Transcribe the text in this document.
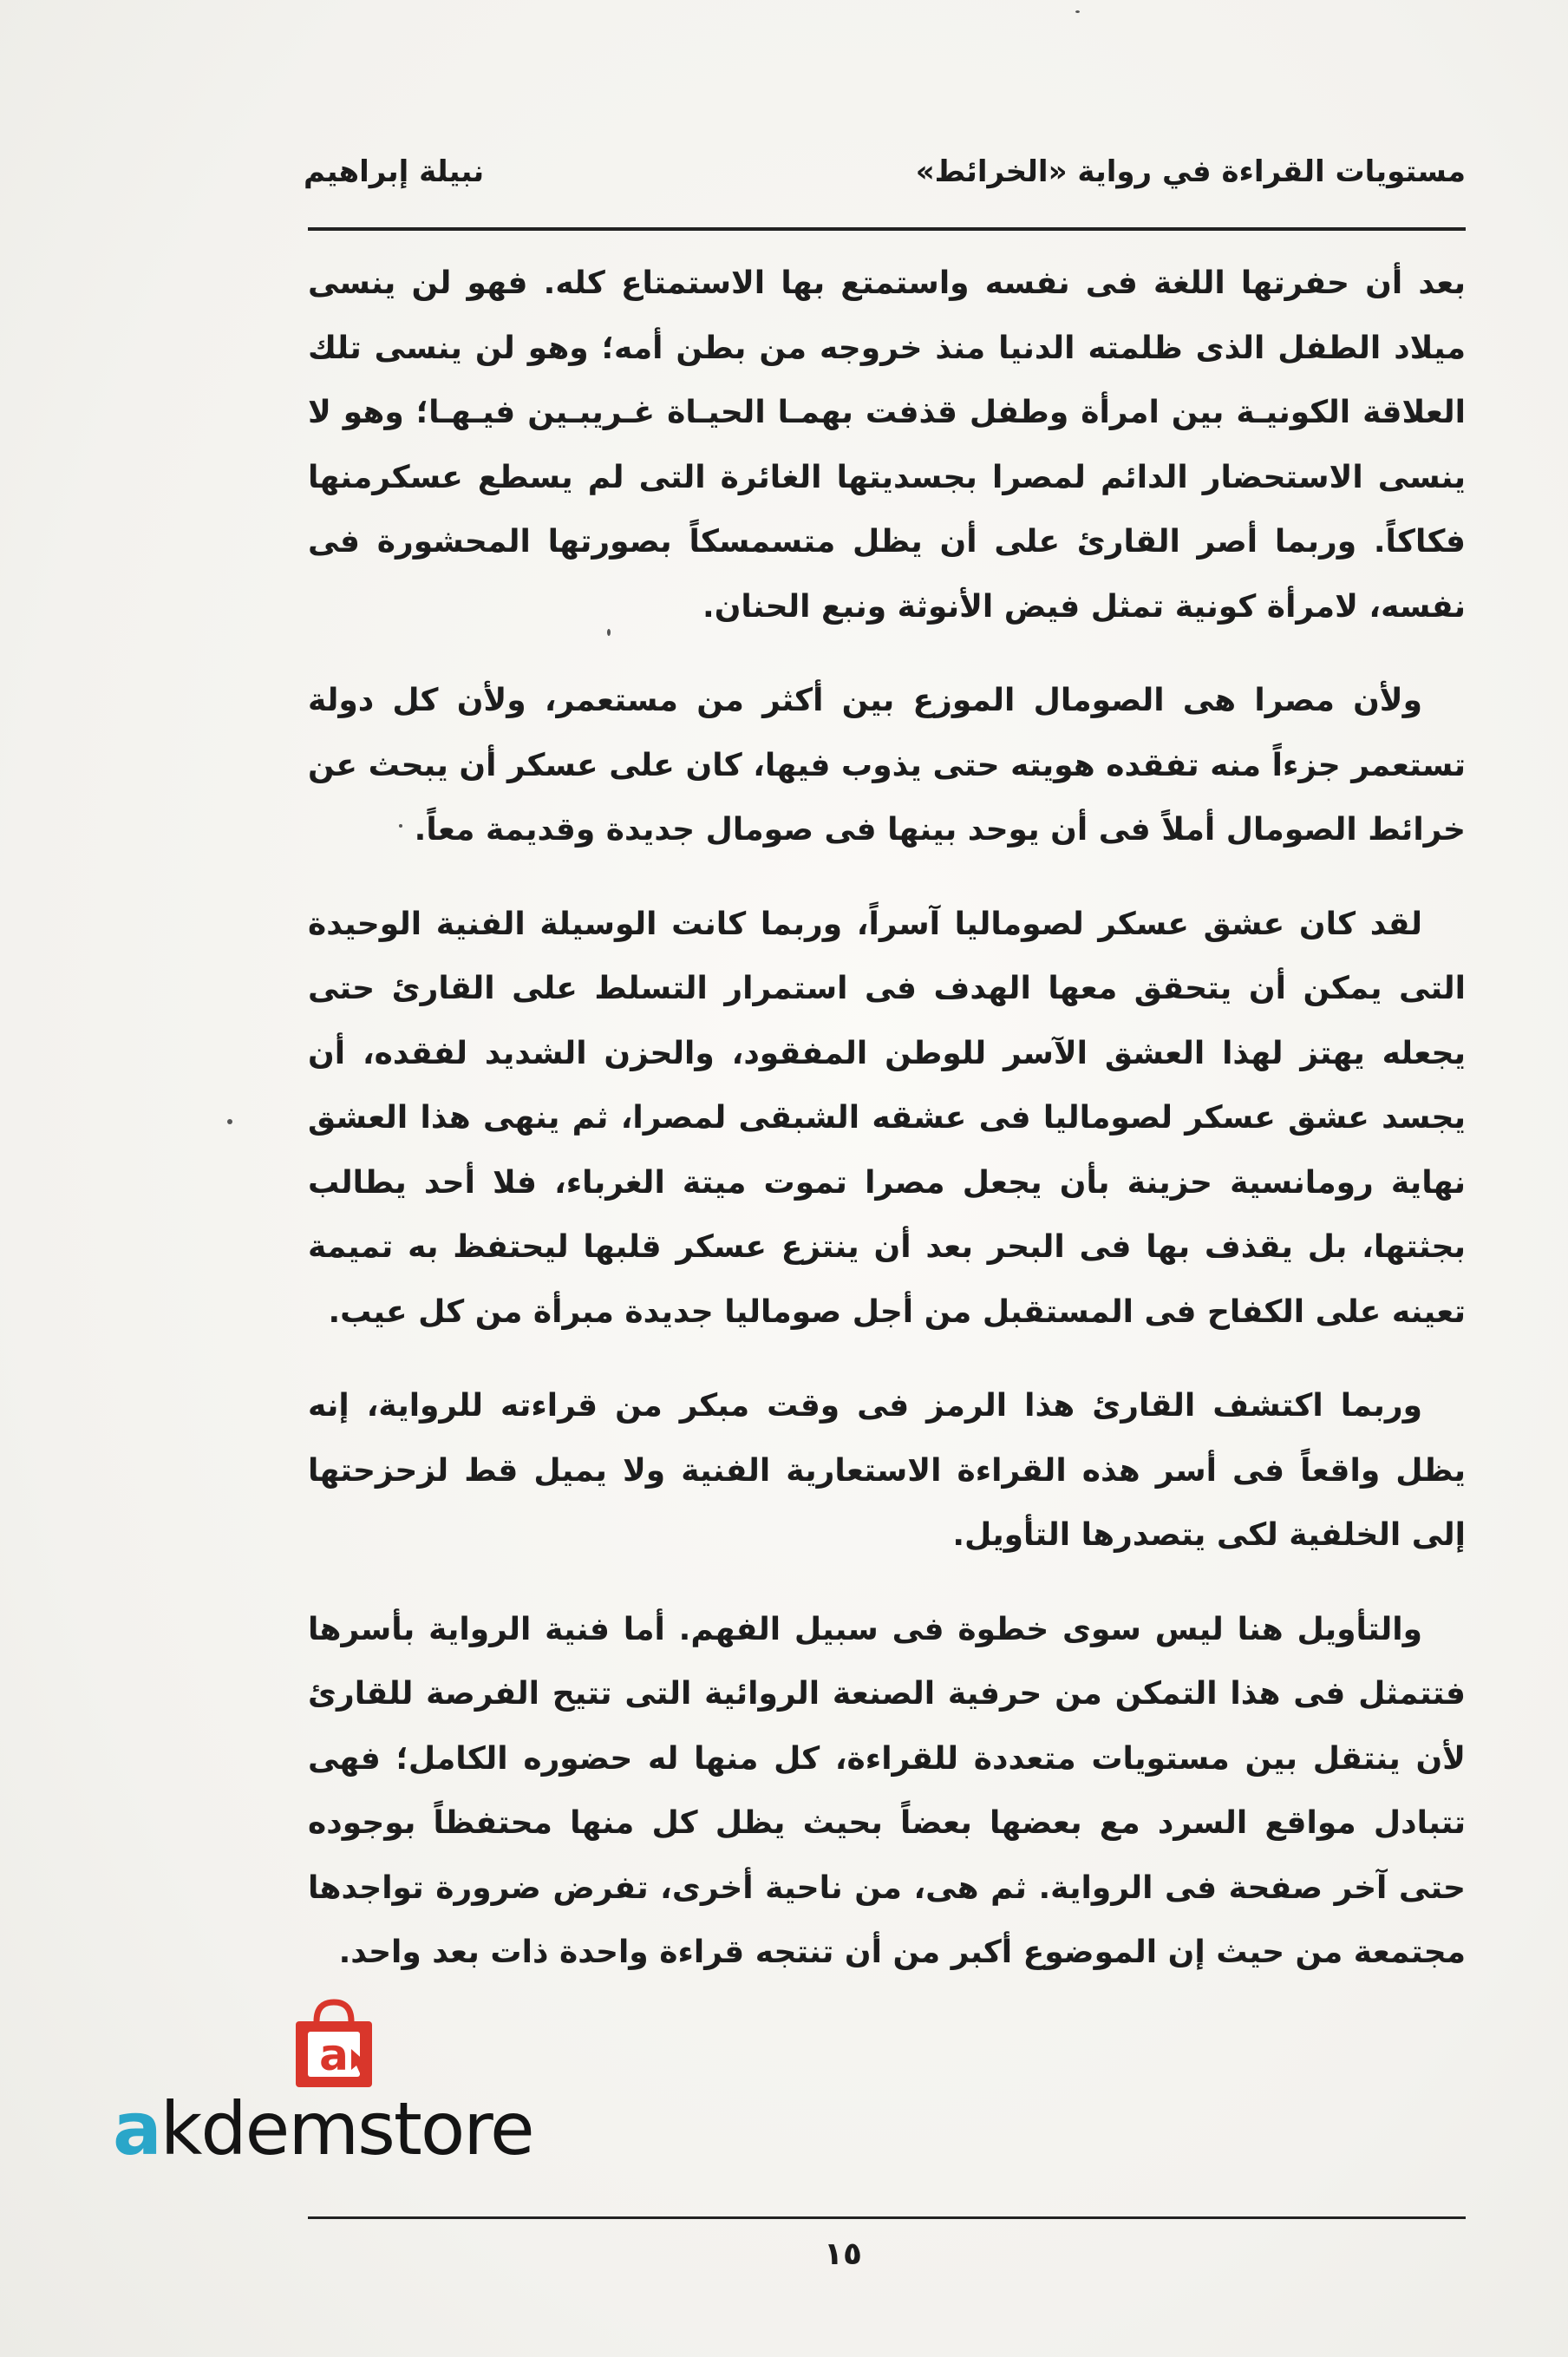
مستويات القراءة في رواية «الخرائط»
نبيلة إبراهيم

بعد أن حفرتها اللغة فى نفسه واستمتع بها الاستمتاع كله. فهو لن ينسى ميلاد الطفل الذى ظلمته الدنيا منذ خروجه من بطن أمه؛ وهو لن ينسى تلك العلاقة الكونيـة بين امرأة وطفل قذفت بهمـا الحيـاة غـريبـين فيـهـا؛ وهو لا ينسى الاستحضار الدائم لمصرا بجسديتها الغائرة التى لم يسطع عسكرمنها فكاكاً. وربما أصر القارئ على أن يظل متسمسكاً بصورتها المحشورة فى نفسه، لامرأة كونية تمثل فيض الأنوثة ونبع الحنان.

ولأن مصرا هى الصومال الموزع بين أكثر من مستعمر، ولأن كل دولة تستعمر جزءاً منه تفقده هويته حتى يذوب فيها، كان على عسكر أن يبحث عن خرائط الصومال أملاً فى أن يوحد بينها فى صومال جديدة وقديمة معاً.

لقد كان عشق عسكر لصوماليا آسراً، وربما كانت الوسيلة الفنية الوحيدة التى يمكن أن يتحقق معها الهدف فى استمرار التسلط على القارئ حتى يجعله يهتز لهذا العشق الآسر للوطن المفقود، والحزن الشديد لفقده، أن يجسد عشق عسكر لصوماليا فى عشقه الشبقى لمصرا، ثم ينهى هذا العشق نهاية رومانسية حزينة بأن يجعل مصرا تموت ميتة الغرباء، فلا أحد يطالب بجثتها، بل يقذف بها فى البحر بعد أن ينتزع عسكر قلبها ليحتفظ به تميمة تعينه على الكفاح فى المستقبل من أجل صوماليا جديدة مبرأة من كل عيب.

وربما اكتشف القارئ هذا الرمز فى وقت مبكر من قراءته للرواية، إنه يظل واقعاً فى أسر هذه القراءة الاستعارية الفنية ولا يميل قط لزحزحتها إلى الخلفية لكى يتصدرها التأويل.

والتأويل هنا ليس سوى خطوة فى سبيل الفهم. أما فنية الرواية بأسرها فتتمثل فى هذا التمكن من حرفية الصنعة الروائية التى تتيح الفرصة للقارئ لأن ينتقل بين مستويات متعددة للقراءة، كل منها له حضوره الكامل؛ فهى تتبادل مواقع السرد مع بعضها بعضاً بحيث يظل كل منها محتفظاً بوجوده حتى آخر صفحة فى الرواية. ثم هى، من ناحية أخرى، تفرض ضرورة تواجدها مجتمعة من حيث إن الموضوع أكبر من أن تنتجه قراءة واحدة ذات بعد واحد.

a
akdemstore
١٥
